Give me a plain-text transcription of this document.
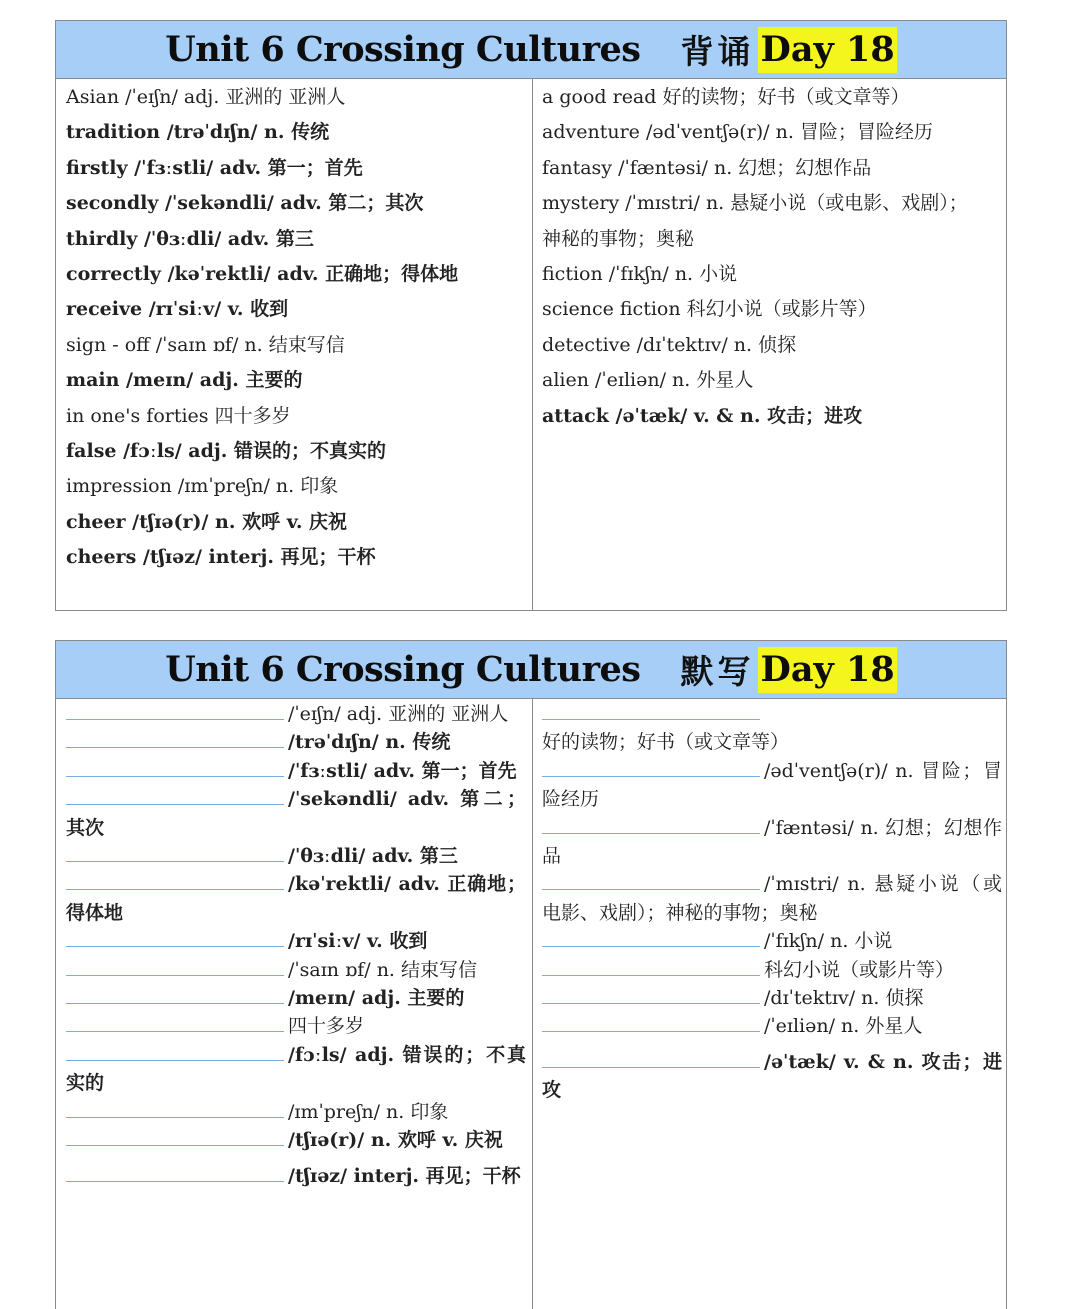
Unit 6 Crossing Cultures 背诵 Day 18
Asian /ˈeɪʃn/ adj. 亚洲的 亚洲人
tradition /trəˈdɪʃn/ n. 传统
firstly /ˈfɜːstli/ adv. 第一；首先
secondly /ˈsekəndli/ adv. 第二；其次
thirdly /ˈθɜːdli/ adv. 第三
correctly /kəˈrektli/ adv. 正确地；得体地
receive /rɪˈsiːv/ v. 收到
sign - off /ˈsaɪn ɒf/ n. 结束写信
main /meɪn/ adj. 主要的
in one's forties 四十多岁
false /fɔːls/ adj. 错误的；不真实的
impression /ɪmˈpreʃn/ n. 印象
cheer /tʃɪə(r)/ n. 欢呼 v. 庆祝
cheers /tʃɪəz/ interj. 再见；干杯
a good read 好的读物；好书（或文章等）
adventure /ədˈventʃə(r)/ n. 冒险；冒险经历
fantasy /ˈfæntəsi/ n. 幻想；幻想作品
mystery /ˈmɪstri/ n. 悬疑小说（或电影、戏剧）；
神秘的事物；奥秘
fiction /ˈfɪkʃn/ n. 小说
science fiction 科幻小说（或影片等）
detective /dɪˈtektɪv/ n. 侦探
alien /ˈeɪliən/ n. 外星人
attack /əˈtæk/ v. & n. 攻击；进攻
Unit 6 Crossing Cultures 默写 Day 18
/ˈeɪʃn/ adj. 亚洲的 亚洲人
/trəˈdɪʃn/ n. 传统
/ˈfɜːstli/ adv. 第一；首先
/ˈsekəndli/ adv. 第二；其次
/ˈθɜːdli/ adv. 第三
/kəˈrektli/ adv. 正确地；得体地
/rɪˈsiːv/ v. 收到
/ˈsaɪn ɒf/ n. 结束写信
/meɪn/ adj. 主要的
四十多岁
/fɔːls/ adj. 错误的；不真实的
/ɪmˈpreʃn/ n. 印象
/tʃɪə(r)/ n. 欢呼 v. 庆祝
/tʃɪəz/ interj. 再见；干杯
好的读物；好书（或文章等）
/ədˈventʃə(r)/ n. 冒险；冒险经历
/ˈfæntəsi/ n. 幻想；幻想作品
/ˈmɪstri/ n. 悬疑小说（或电影、戏剧）；神秘的事物；奥秘
/ˈfɪkʃn/ n. 小说
科幻小说（或影片等）
/dɪˈtektɪv/ n. 侦探
/ˈeɪliən/ n. 外星人
/əˈtæk/ v. & n. 攻击；进攻
